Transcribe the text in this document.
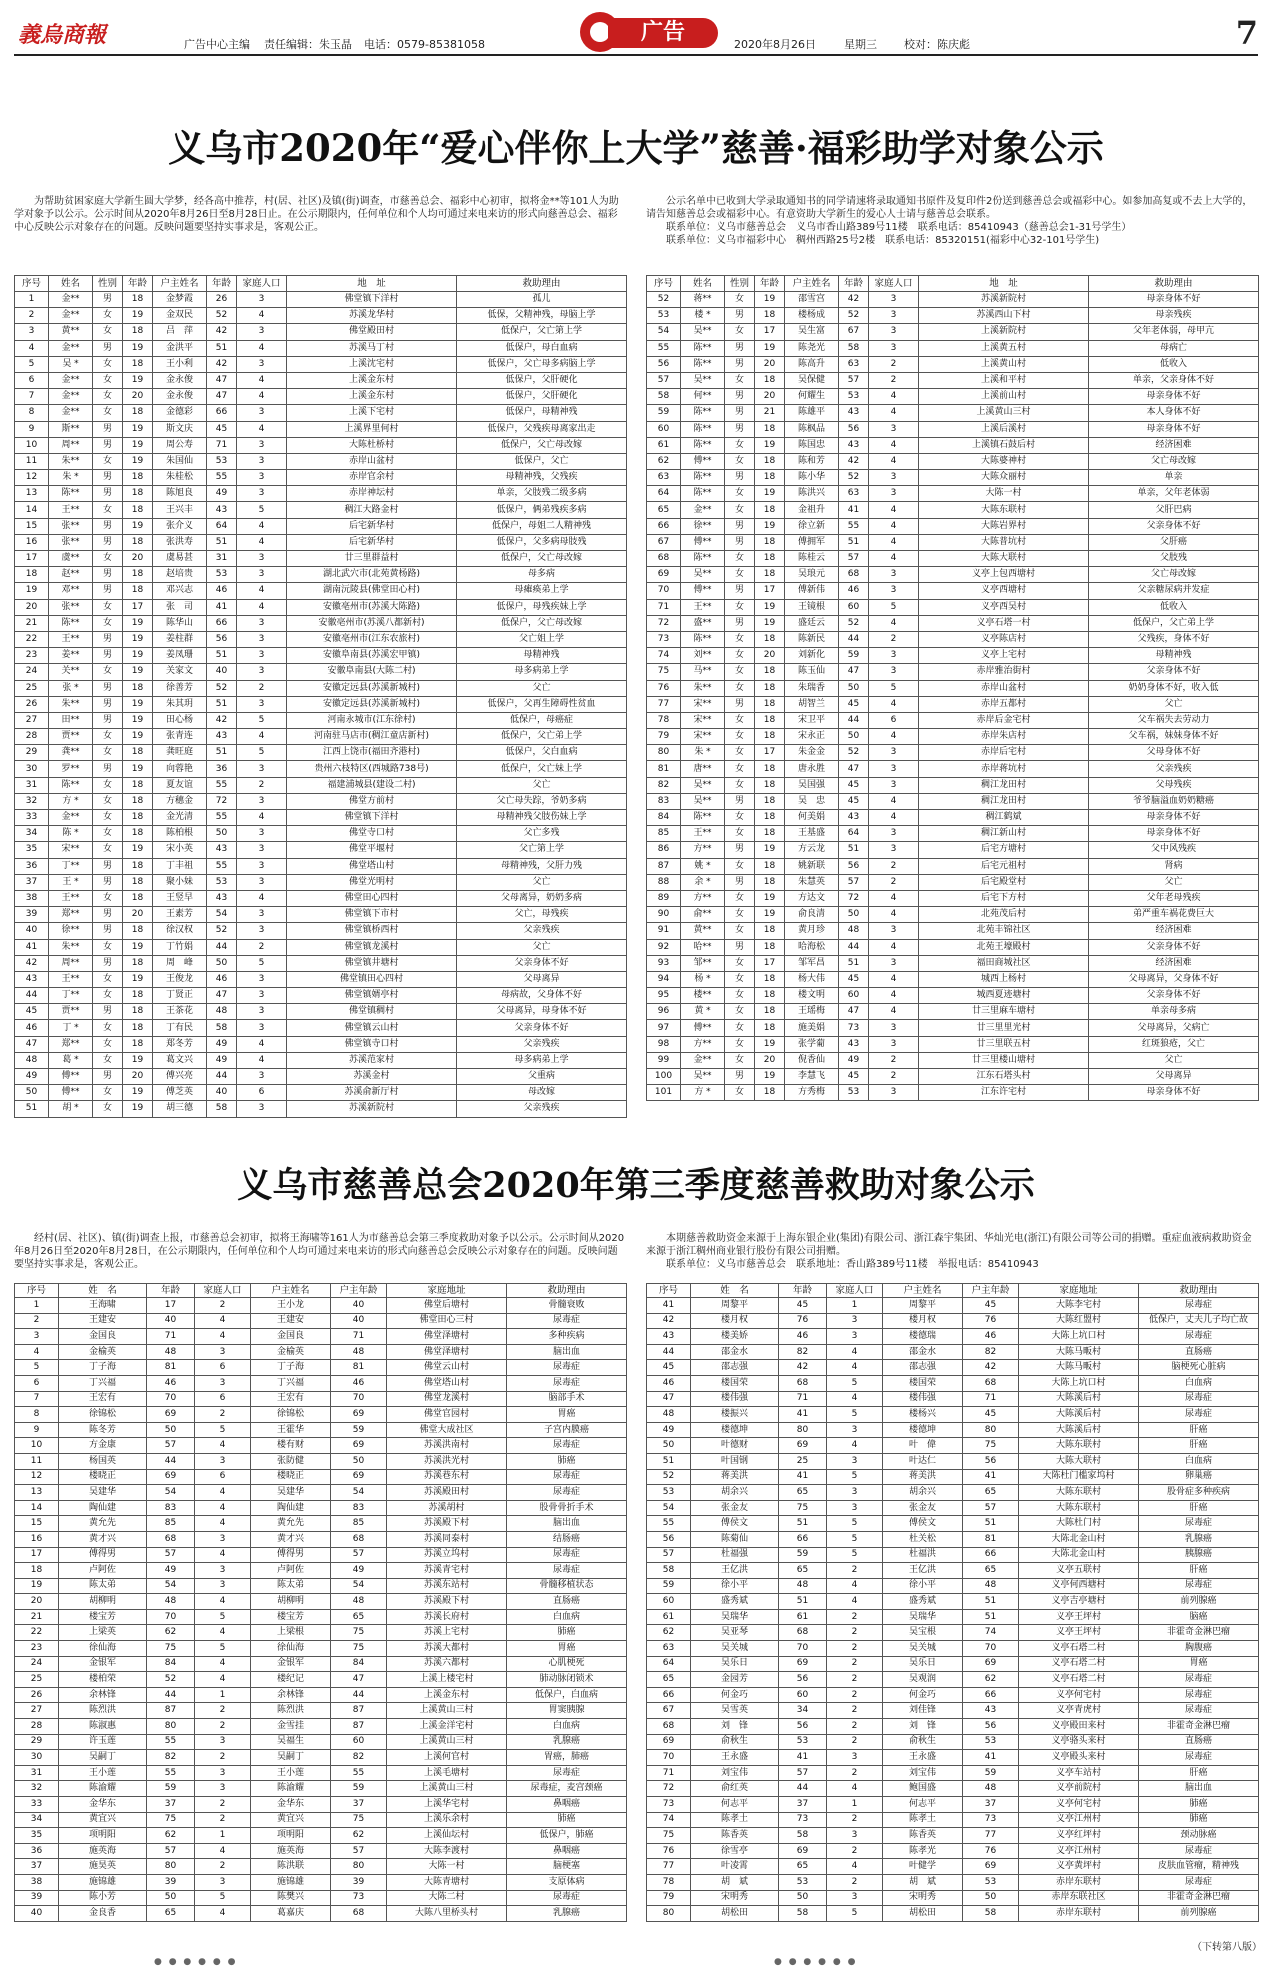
義烏商報	广告中心主编 责任编辑：朱玉晶 电话：0579-85381058	广告	2020年8月26日	星期三 校对：陈庆彪	7
义乌市2020年“爱心伴你上大学”慈善·福彩助学对象公示
为帮助贫困家庭大学新生圆大学梦，经各高中推荐，村(居、社区)及镇(街)调查，市慈善总会、福彩中心初审，拟将金**等101人为助学对象予以公示。公示时间从2020年8月26日至8月28日止。在公示期限内，任何单位和个人均可通过来电来访的形式向慈善总会、福彩中心反映公示对象存在的问题。反映问题要坚持实事求是，客观公正。
公示名单中已收到大学录取通知书的同学请速将录取通知书原件及复印件2份送到慈善总会或福彩中心。如参加高复或不去上大学的，请告知慈善总会或福彩中心。有意资助大学新生的爱心人士请与慈善总会联系。
联系单位：义乌市慈善总会　义乌市香山路389号11楼　联系电话：85410943（慈善总会1-31号学生）
联系单位：义乌市福彩中心　稠州西路25号2楼　联系电话：85320151(福彩中心32-101号学生)
序号	姓名	性别	年龄	户主姓名	年龄	家庭人口	地　址	救助理由
1	金**	男	18	金梦霞	26	3	佛堂镇下洋村	孤儿
2	金**	女	19	金双民	52	4	苏溪龙华村	低保，父精神残，母脑上学
3	黄**	女	18	吕　萍	42	3	佛堂殿田村	低保户，父亡第上学
4	金**	男	19	金洪平	51	4	苏溪马丁村	低保户，母白血病
5	吴 *	女	18	王小利	42	3	上溪沈宅村	低保户，父亡母多病脑上学
6	金**	女	19	金永俊	47	4	上溪金东村	低保户，父肝硬化
7	金**	女	20	金永俊	47	4	上溪金东村	低保户，父肝硬化
8	金**	女	18	金德彩	66	3	上溪下宅村	低保户，母精神残
9	斯**	男	19	斯文庆	45	4	上溪界里何村	低保户，父残疾母离家出走
10	周**	男	19	周公寿	71	3	大陈杜桥村	低保户，父亡母改嫁
11	朱**	女	19	朱国仙	53	3	赤岸山盆村	低保户，父亡
12	朱 *	男	18	朱桂松	55	3	赤岸官余村	母精神残，父残疾
13	陈**	男	18	陈旭良	49	3	赤岸神坛村	单亲，父肢残二级多病
14	王**	女	18	王兴丰	43	5	稠江大路金村	低保户，俩弟残疾多病
15	张**	男	19	张介义	64	4	后宅新华村	低保户，母姐二人精神残
16	张**	男	18	张洪寿	51	4	后宅新华村	低保户，父多病母肢残
17	虞**	女	20	虞易甚	31	3	廿三里群益村	低保户，父亡母改嫁
18	赵**	男	18	赵培贵	53	3	湖北武穴市(北苑黄杨路)	母多病
19	邓**	男	18	邓兴志	46	4	湖南沅陵县(佛堂田心村)	母瘫痪弟上学
20	张**	女	17	张　司	41	4	安徽亳州市(苏溪大陈路)	低保户，母残疾妹上学
21	陈**	女	19	陈华山	66	3	安徽亳州市(苏溪八都新村)	低保户，父亡母改嫁
22	王**	男	19	姜柱群	56	3	安徽亳州市(江东农旅村)	父亡姐上学
23	姜**	男	19	姜凤珊	51	3	安徽阜南县(苏溪宏甲镇)	母精神残
24	关**	女	19	关家文	40	3	安徽阜南县(大陈二村)	母多病弟上学
25	张 *	男	18	徐善芳	52	2	安徽定远县(苏溪新城村)	父亡
26	朱**	男	19	朱其玥	51	3	安徽定远县(苏溪新城村)	低保户，父再生障碍性贫血
27	田**	男	19	田心杨	42	5	河南永城市(江东徐村)	低保户，母癌症
28	贾**	女	19	张青连	43	4	河南驻马店市(稠江童店新村)	低保户，父亡弟上学
29	龚**	女	18	龚旺庭	51	5	江西上饶市(福田齐港村)	低保户，父白血病
30	罗**	男	19	向蓉艳	36	3	贵州六枝特区(西城路738号)	低保户，父亡妹上学
31	陈**	女	18	夏友谊	55	2	福建浦城县(建设二村)	父亡
32	方 *	女	18	方穗金	72	3	佛堂方前村	父亡母失踪，爷奶多病
33	金**	女	18	金光清	55	4	佛堂镇下洋村	母精神残父肢伤妹上学
34	陈 *	女	18	陈柏根	50	3	佛堂寺口村	父亡多残
35	宋**	女	19	宋小英	43	3	佛堂平堰村	父亡第上学
36	丁**	男	18	丁丰祖	55	3	佛堂塔山村	母精神残，父肝力残
37	王 *	男	18	聚小妹	53	3	佛堂光明村	父亡
38	王**	女	18	王竖早	43	4	佛堂田心四村	父母离异，奶奶多病
39	郑**	男	20	王素芳	54	3	佛堂镇下市村	父亡，母残疾
40	徐**	男	18	徐汉权	52	3	佛堂镇桥西村	父亲残疾
41	朱**	女	19	丁竹娟	44	2	佛堂镇龙溪村	父亡
42	周**	男	18	周　峰	50	5	佛堂镇井塘村	父亲身体不好
43	王**	女	19	王俊龙	46	3	佛堂镇田心四村	父母离异
44	丁**	女	18	丁贤正	47	3	佛堂镇婿亭村	母病故，父身体不好
45	贾**	男	18	王茶花	48	3	佛堂镇稠村	父母离异，母身体不好
46	丁 *	女	18	丁有民	58	3	佛堂镇云山村	父亲身体不好
47	郑**	女	18	郑冬芳	49	4	佛堂镇寺口村	父亲残疾
48	葛 *	女	19	葛文兴	49	4	苏溪范家村	母多病弟上学
49	傅**	男	20	傅兴亮	44	3	苏溪金村	父重病
50	傅**	女	19	傅芝英	40	6	苏溪俞新厅村	母改嫁
51	胡 *	女	19	胡三德	58	3	苏溪新院村	父亲残疾
序号	姓名	性别	年龄	户主姓名	年龄	家庭人口	地　址	救助理由
52	蒋**	女	19	邵雪宫	42	3	苏溪新院村	母亲身体不好
53	楼 *	男	18	楼杨成	52	3	苏溪西山下村	母亲残疾
54	吴**	女	17	吴生富	67	3	上溪新院村	父年老体弱，母甲亢
55	陈**	男	19	陈尧光	58	3	上溪黄五村	母病亡
56	陈**	男	20	陈高升	63	2	上溪黄山村	低收入
57	吴**	女	18	吴保健	57	2	上溪和平村	单亲，父亲身体不好
58	何**	男	20	何耀生	53	4	上溪前山村	母亲身体不好
59	陈**	男	21	陈雄平	43	4	上溪黄山三村	本人身体不好
60	陈**	男	18	陈枫品	56	3	上溪后溪村	母亲身体不好
61	陈**	女	19	陈国忠	43	4	上溪镇石鼓后村	经济困难
62	傅**	女	18	陈和芳	42	4	大陈婆神村	父亡母改嫁
63	陈**	男	18	陈小华	52	3	大陈众丽村	单亲
64	陈**	女	19	陈洪兴	63	3	大陈一村	单亲，父年老体弱
65	金**	女	18	金祖升	41	4	大陈东联村	父肝巴病
66	徐**	男	19	徐立新	55	4	大陈岩界村	父亲身体不好
67	傅**	男	18	傅拥军	51	4	大陈普坑村	父肝癌
68	陈**	女	18	陈桂云	57	4	大陈大联村	父肢残
69	吴**	女	18	吴琅元	68	3	义亭上包西塘村	父亡母改嫁
70	傅**	男	17	傅新伟	46	3	义亭西塘村	父亲糖尿病并发症
71	王**	女	19	王镜根	60	5	义亭西吴村	低收入
72	盛**	男	19	盛廷云	52	4	义亭石塔一村	低保户，父亡弟上学
73	陈**	女	18	陈新民	44	2	义亭陈店村	父残疾，身体不好
74	刘**	女	20	刘新化	59	3	义亭上宅村	母精神残
75	马**	女	18	陈玉仙	47	3	赤岸雅治街村	父亲身体不好
76	朱**	女	18	朱瑞香	50	5	赤岸山盆村	奶奶身体不好，收入低
77	宋**	男	18	胡智兰	45	4	赤岸五都村	父亡
78	宋**	女	18	宋卫平	44	6	赤岸后金宅村	父车祸失去劳动力
79	宋**	女	18	宋永正	50	4	赤岸朱店村	父车祸，妹妹身体不好
80	朱 *	女	17	朱金金	52	3	赤岸后宅村	父母身体不好
81	唐**	女	18	唐永胜	47	3	赤岸蒋坑村	父亲残疾
82	吴**	女	18	吴国强	45	3	稠江龙田村	父母残疾
83	吴**	男	18	吴　忠	45	4	稠江龙田村	爷爷脑溢血奶奶糖癌
84	陈**	女	18	何美娟	43	4	稠江鹤斌	母亲身体不好
85	王**	女	18	王基盛	64	3	稠江新山村	母亲身体不好
86	方**	男	19	方云龙	51	3	后宅方塘村	父中风残疾
87	姚 *	女	18	姚新联	56	2	后宅元祖村	肾病
88	余 *	男	18	朱慧英	57	2	后宅殿堂村	父亡
89	方**	女	19	方达文	72	4	后宅下方村	父年老母残疾
90	俞**	女	19	俞良清	50	4	北苑茂后村	弟严重车祸花费巨大
91	黄**	女	18	黄月珍	48	3	北苑丰锦社区	经济困难
92	哈**	男	18	哈海松	44	4	北苑王壕殿村	父亲身体不好
93	邹**	女	17	邹军昌	51	3	福田商城社区	经济困难
94	杨 *	女	18	杨大伟	45	4	城西上杨村	父母离异，父身体不好
95	楼**	女	18	楼文明	60	4	城西夏迹塘村	父亲身体不好
96	黄 *	女	18	王瑶梅	47	4	廿三里麻车塘村	单亲母多病
97	傅**	女	18	施美娟	73	3	廿三里里光村	父母离异，父病亡
98	方**	女	19	张学葡	43	3	廿三里联五村	红斑狼疮，父亡
99	金**	女	20	倪香仙	49	2	廿三里楼山塘村	父亡
100	吴**	男	19	李慧飞	45	2	江东石塔头村	父母离异
101	方 *	女	18	方秀梅	53	3	江东许宅村	母亲身体不好
义乌市慈善总会2020年第三季度慈善救助对象公示
经村(居、社区)、镇(街)调查上报，市慈善总会初审，拟将王海啸等161人为市慈善总会第三季度救助对象予以公示。公示时间从2020年8月26日至2020年8月28日，在公示期限内，任何单位和个人均可通过来电来访的形式向慈善总会反映公示对象存在的问题。反映问题要坚持实事求是，客观公正。
本期慈善救助资金来源于上海东银企业(集团)有限公司、浙江森宇集团、华灿光电(浙江)有限公司等公司的捐赠。重症血液病救助资金来源于浙江稠州商业银行股份有限公司捐赠。
联系单位：义乌市慈善总会　联系地址：香山路389号11楼　举报电话：85410943
序号	姓　名	年龄	家庭人口	户主姓名	户主年龄	家庭地址	救助理由
1	王海啸	17	2	王小龙	40	佛堂后塘村	骨髓衰败
2	王建安	40	4	王建安	40	佛堂田心三村	尿毒症
3	金国良	71	4	金国良	71	佛堂泽塘村	多种疾病
4	金榆英	48	3	金榆英	48	佛堂泽塘村	脑出血
5	丁子海	81	6	丁子海	81	佛堂云山村	尿毒症
6	丁兴福	46	3	丁兴福	46	佛堂塔山村	尿毒症
7	王宏有	70	6	王宏有	70	佛堂龙溪村	脑部手术
8	徐锦松	69	2	徐锦松	69	佛堂官园村	胃癌
9	陈冬芳	50	5	王霍华	59	佛堂大成社区	子宫内膜癌
10	方金康	57	4	楼有财	69	苏溪洪南村	尿毒症
11	杨国英	44	3	张防健	50	苏溪洪光村	肺癌
12	楼晓正	69	6	楼晓正	69	苏溪巷东村	尿毒症
13	吴建华	54	4	吴建华	54	苏溪殿田村	尿毒症
14	陶仙建	83	4	陶仙建	83	苏溪胡村	股骨骨折手术
15	黄允先	85	4	黄允先	85	苏溪殿下村	脑出血
16	黄才兴	68	3	黄才兴	68	苏溪同泰村	结肠癌
17	傅得男	57	4	傅得男	57	苏溪立坞村	尿毒症
18	卢阿佐	49	3	卢阿佐	49	苏溪青宅村	尿毒症
19	陈太弟	54	3	陈太弟	54	苏溪东站村	骨髓移植状态
20	胡柳明	48	4	胡柳明	48	苏溪殿下村	直肠癌
21	楼宝芳	70	5	楼宝芳	65	苏溪长府村	白血病
22	上梁英	62	4	上梁根	75	苏溪上宅村	肺癌
23	徐仙海	75	5	徐仙海	75	苏溪大都村	胃癌
24	金银军	84	4	金银军	84	苏溪六都村	心肌梗死
25	楼柏荣	52	4	楼纪记	47	上溪上楼宅村	肺动脉闭锁术
26	余林锋	44	1	余林锋	44	上溪金东村	低保户，白血病
27	陈烈洪	87	2	陈烈洪	87	上溪黄山三村	胃窦胰腺
28	陈淑惠	80	2	金雪挂	87	上溪金洋宅村	白血病
29	许玉莲	55	3	吴福生	60	上溪黄山三村	乳腺癌
30	吴嗣丁	82	2	吴嗣丁	82	上溪何官村	胃癌，肺癌
31	王小莲	55	3	王小莲	55	上溪毛塘村	尿毒症
32	陈渝耀	59	3	陈渝耀	59	上溪黄山三村	尿毒症，麦宫颈癌
33	金华东	37	2	金华东	37	上溪华宅村	鼻咽癌
34	黄宜兴	75	2	黄宜兴	75	上溪乐余村	肺癌
35	项明阳	62	1	项明阳	62	上溪仙坛村	低保户，肺癌
36	施英海	57	4	施英海	57	大陈李渡村	鼻咽癌
37	施昊英	80	2	陈洪联	80	大陈一村	脑梗塞
38	施锦雄	39	3	施锦雄	39	大陈青塘村	支原体病
39	陈小芳	50	5	陈樊兴	73	大陈二村	尿毒症
40	金良香	65	4	葛嘉庆	68	大陈八里桥头村	乳腺癌
序号	姓　名	年龄	家庭人口	户主姓名	户主年龄	家庭地址	救助理由
41	周黎平	45	1	周黎平	45	大陈李宅村	尿毒症
42	楼月权	76	3	楼月权	76	大陈红盟村	低保户，丈夫儿子均亡故
43	楼美娇	46	3	楼德瑞	46	大陈上坑口村	尿毒症
44	邵金水	82	4	邵金水	82	大陈马畈村	直肠癌
45	邵志强	42	4	邵志强	42	大陈马畈村	脑梗死心脏病
46	楼国荣	68	5	楼国荣	68	大陈上坑口村	白血病
47	楼伟强	71	4	楼伟强	71	大陈溪后村	尿毒症
48	楼振兴	41	5	楼杨兴	45	大陈溪后村	尿毒症
49	楼德坤	80	3	楼德坤	80	大陈溪后村	肝癌
50	叶德财	69	4	叶　偉	75	大陈东联村	肝癌
51	叶国钢	25	3	叶达仁	56	大陈大联村	白血病
52	蒋美洪	41	5	蒋美洪	41	大陈杜门槛家坞村	卵巢癌
53	胡余兴	65	3	胡余兴	65	大陈东联村	股骨症多种疾病
54	张金友	75	3	张金友	57	大陈东联村	肝癌
55	傅侯文	51	5	傅侯文	51	大陈杜门村	尿毒症
56	陈菊仙	66	5	杜关松	81	大陈北金山村	乳腺癌
57	杜福强	59	5	杜福洪	66	大陈北金山村	胰腺癌
58	王亿洪	65	2	王亿洪	65	义亭五联村	肝癌
59	徐小平	48	4	徐小平	48	义亭何西塘村	尿毒症
60	盛秀斌	51	4	盛秀斌	51	义亭吉亭塘村	前列腺癌
61	吴瑞华	61	2	吴瑞华	51	义亭王坪村	脑癌
62	吴亚琴	68	2	吴宝根	74	义亭王坪村	非霍奇金淋巴瘤
63	吴关城	70	2	吴关城	70	义亭石塔二村	胸腹癌
64	吴乐日	69	2	吴乐日	69	义亭石塔二村	胃癌
65	金园芳	56	2	吴观润	62	义亭石塔二村	尿毒症
66	何金巧	60	2	何金巧	66	义亭何宅村	尿毒症
67	吴雪英	34	2	刘佳锋	43	义亭青虎村	尿毒症
68	刘　锋	56	2	刘　锋	56	义亭殿田来村	非霍奇金淋巴瘤
69	俞秋生	53	2	俞秋生	53	义亭骆头来村	直肠癌
70	王永盛	41	3	王永盛	41	义亭殿头来村	尿毒症
71	刘宝伟	57	2	刘宝伟	59	义亭车站村	肝癌
72	俞红英	44	4	鲍国盛	48	义亭前院村	脑出血
73	何志平	37	1	何志平	37	义亭何宅村	肺癌
74	陈孝土	73	2	陈孝土	73	义亭江州村	肺癌
75	陈香英	58	3	陈香英	77	义亭红坪村	颈动脉癌
76	徐雪亭	69	2	陈孝光	76	义亭江州村	尿毒症
77	叶凌霄	65	4	叶健学	69	义亭黄坪村	皮肤血管瘤，精神残
78	胡　斌	53	2	胡　斌	53	赤岸东联村	尿毒症
79	宋明秀	50	3	宋明秀	50	赤岸东联社区	非霍奇金淋巴瘤
80	胡松田	58	5	胡松田	58	赤岸东联村	前列腺癌
（下转第八版）
● ● ● ● ● ●	● ● ● ● ● ●
